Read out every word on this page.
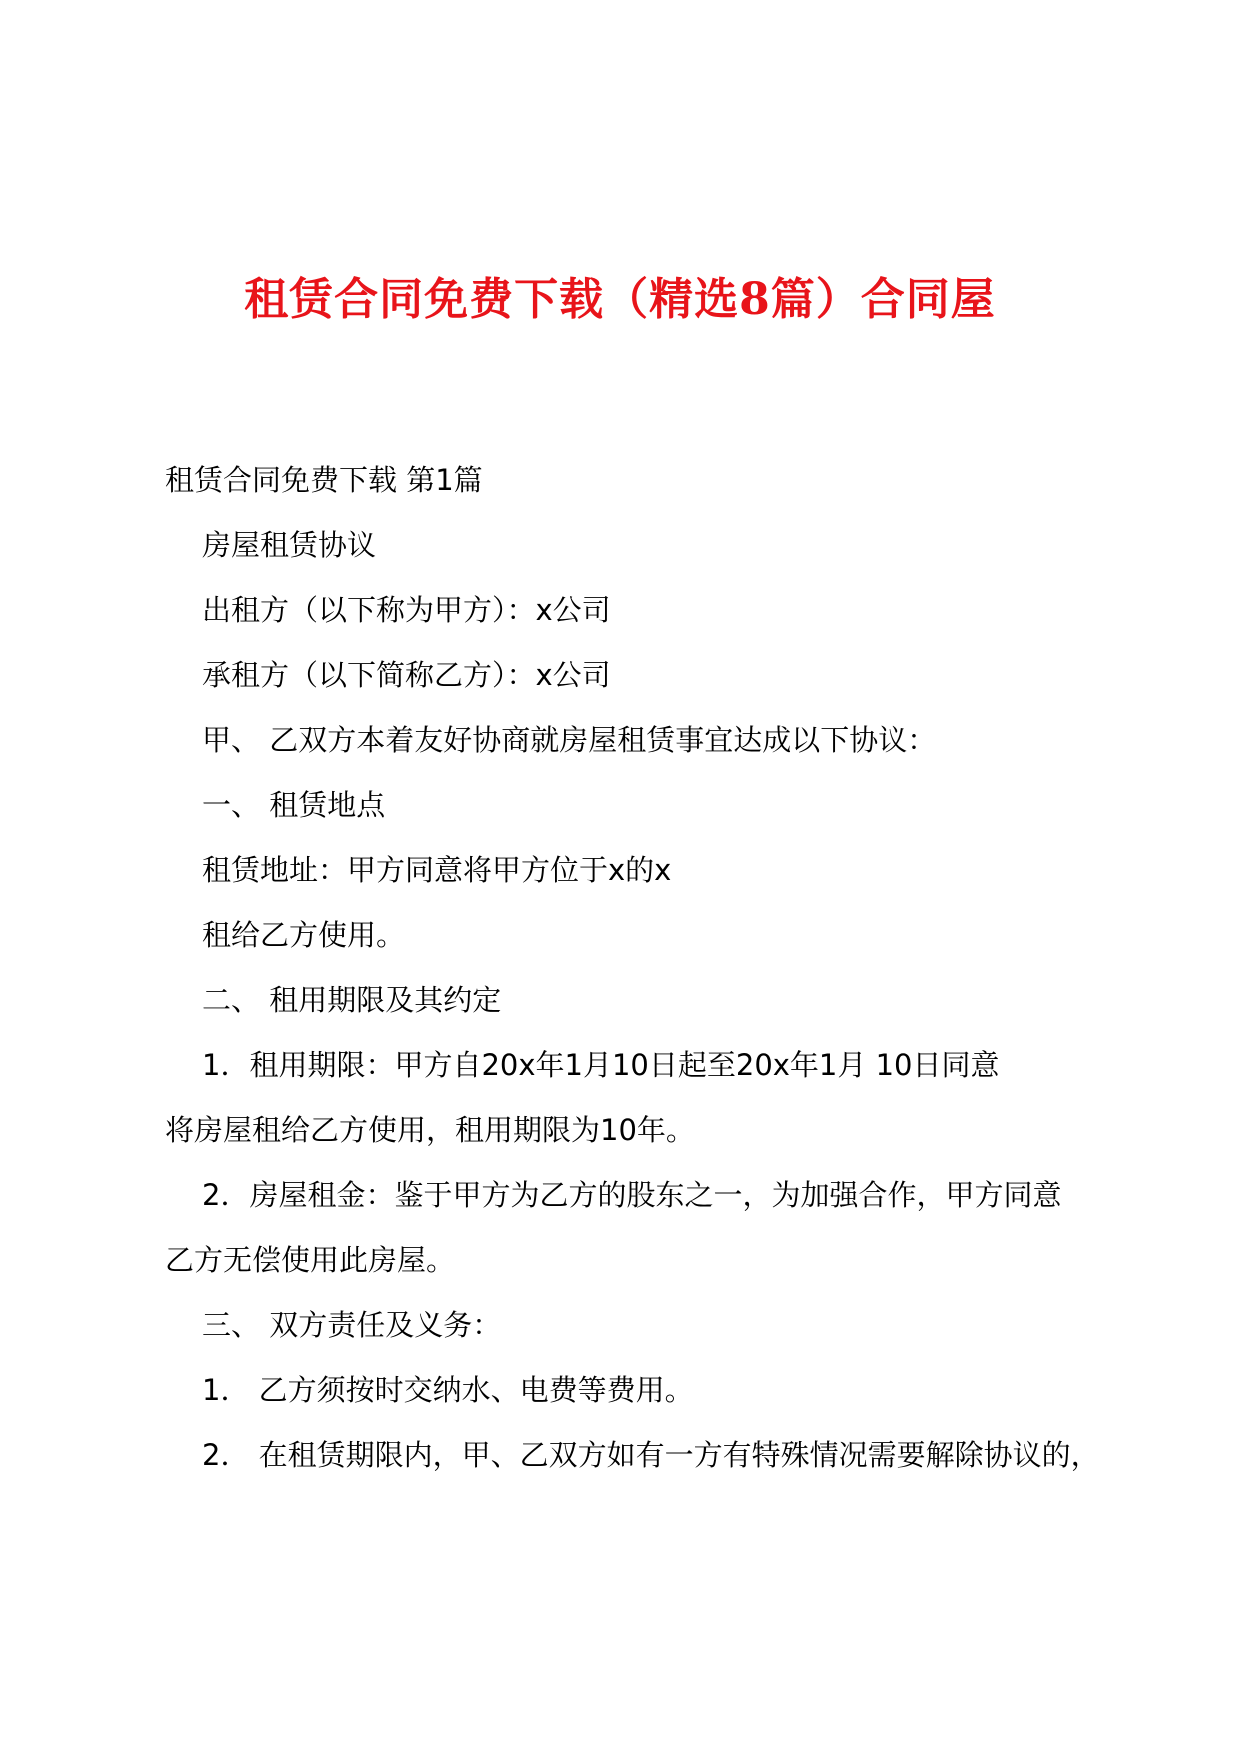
租赁合同免费下载（精选8篇）合同屋
租赁合同免费下载 第1篇
房屋租赁协议
出租方（以下称为甲方）：x公司
承租方（以下简称乙方）：x公司
甲、 乙双方本着友好协商就房屋租赁事宜达成以下协议：
一、 租赁地点
租赁地址：甲方同意将甲方位于x的x
租给乙方使用。
二、 租用期限及其约定
1．租用期限：甲方自20x年1月10日起至20x年1月 10日同意
将房屋租给乙方使用，租用期限为10年。
2．房屋租金：鉴于甲方为乙方的股东之一，为加强合作，甲方同意
乙方无偿使用此房屋。
三、 双方责任及义务：
1． 乙方须按时交纳水、电费等费用。
2． 在租赁期限内，甲、乙双方如有一方有特殊情况需要解除协议的，
